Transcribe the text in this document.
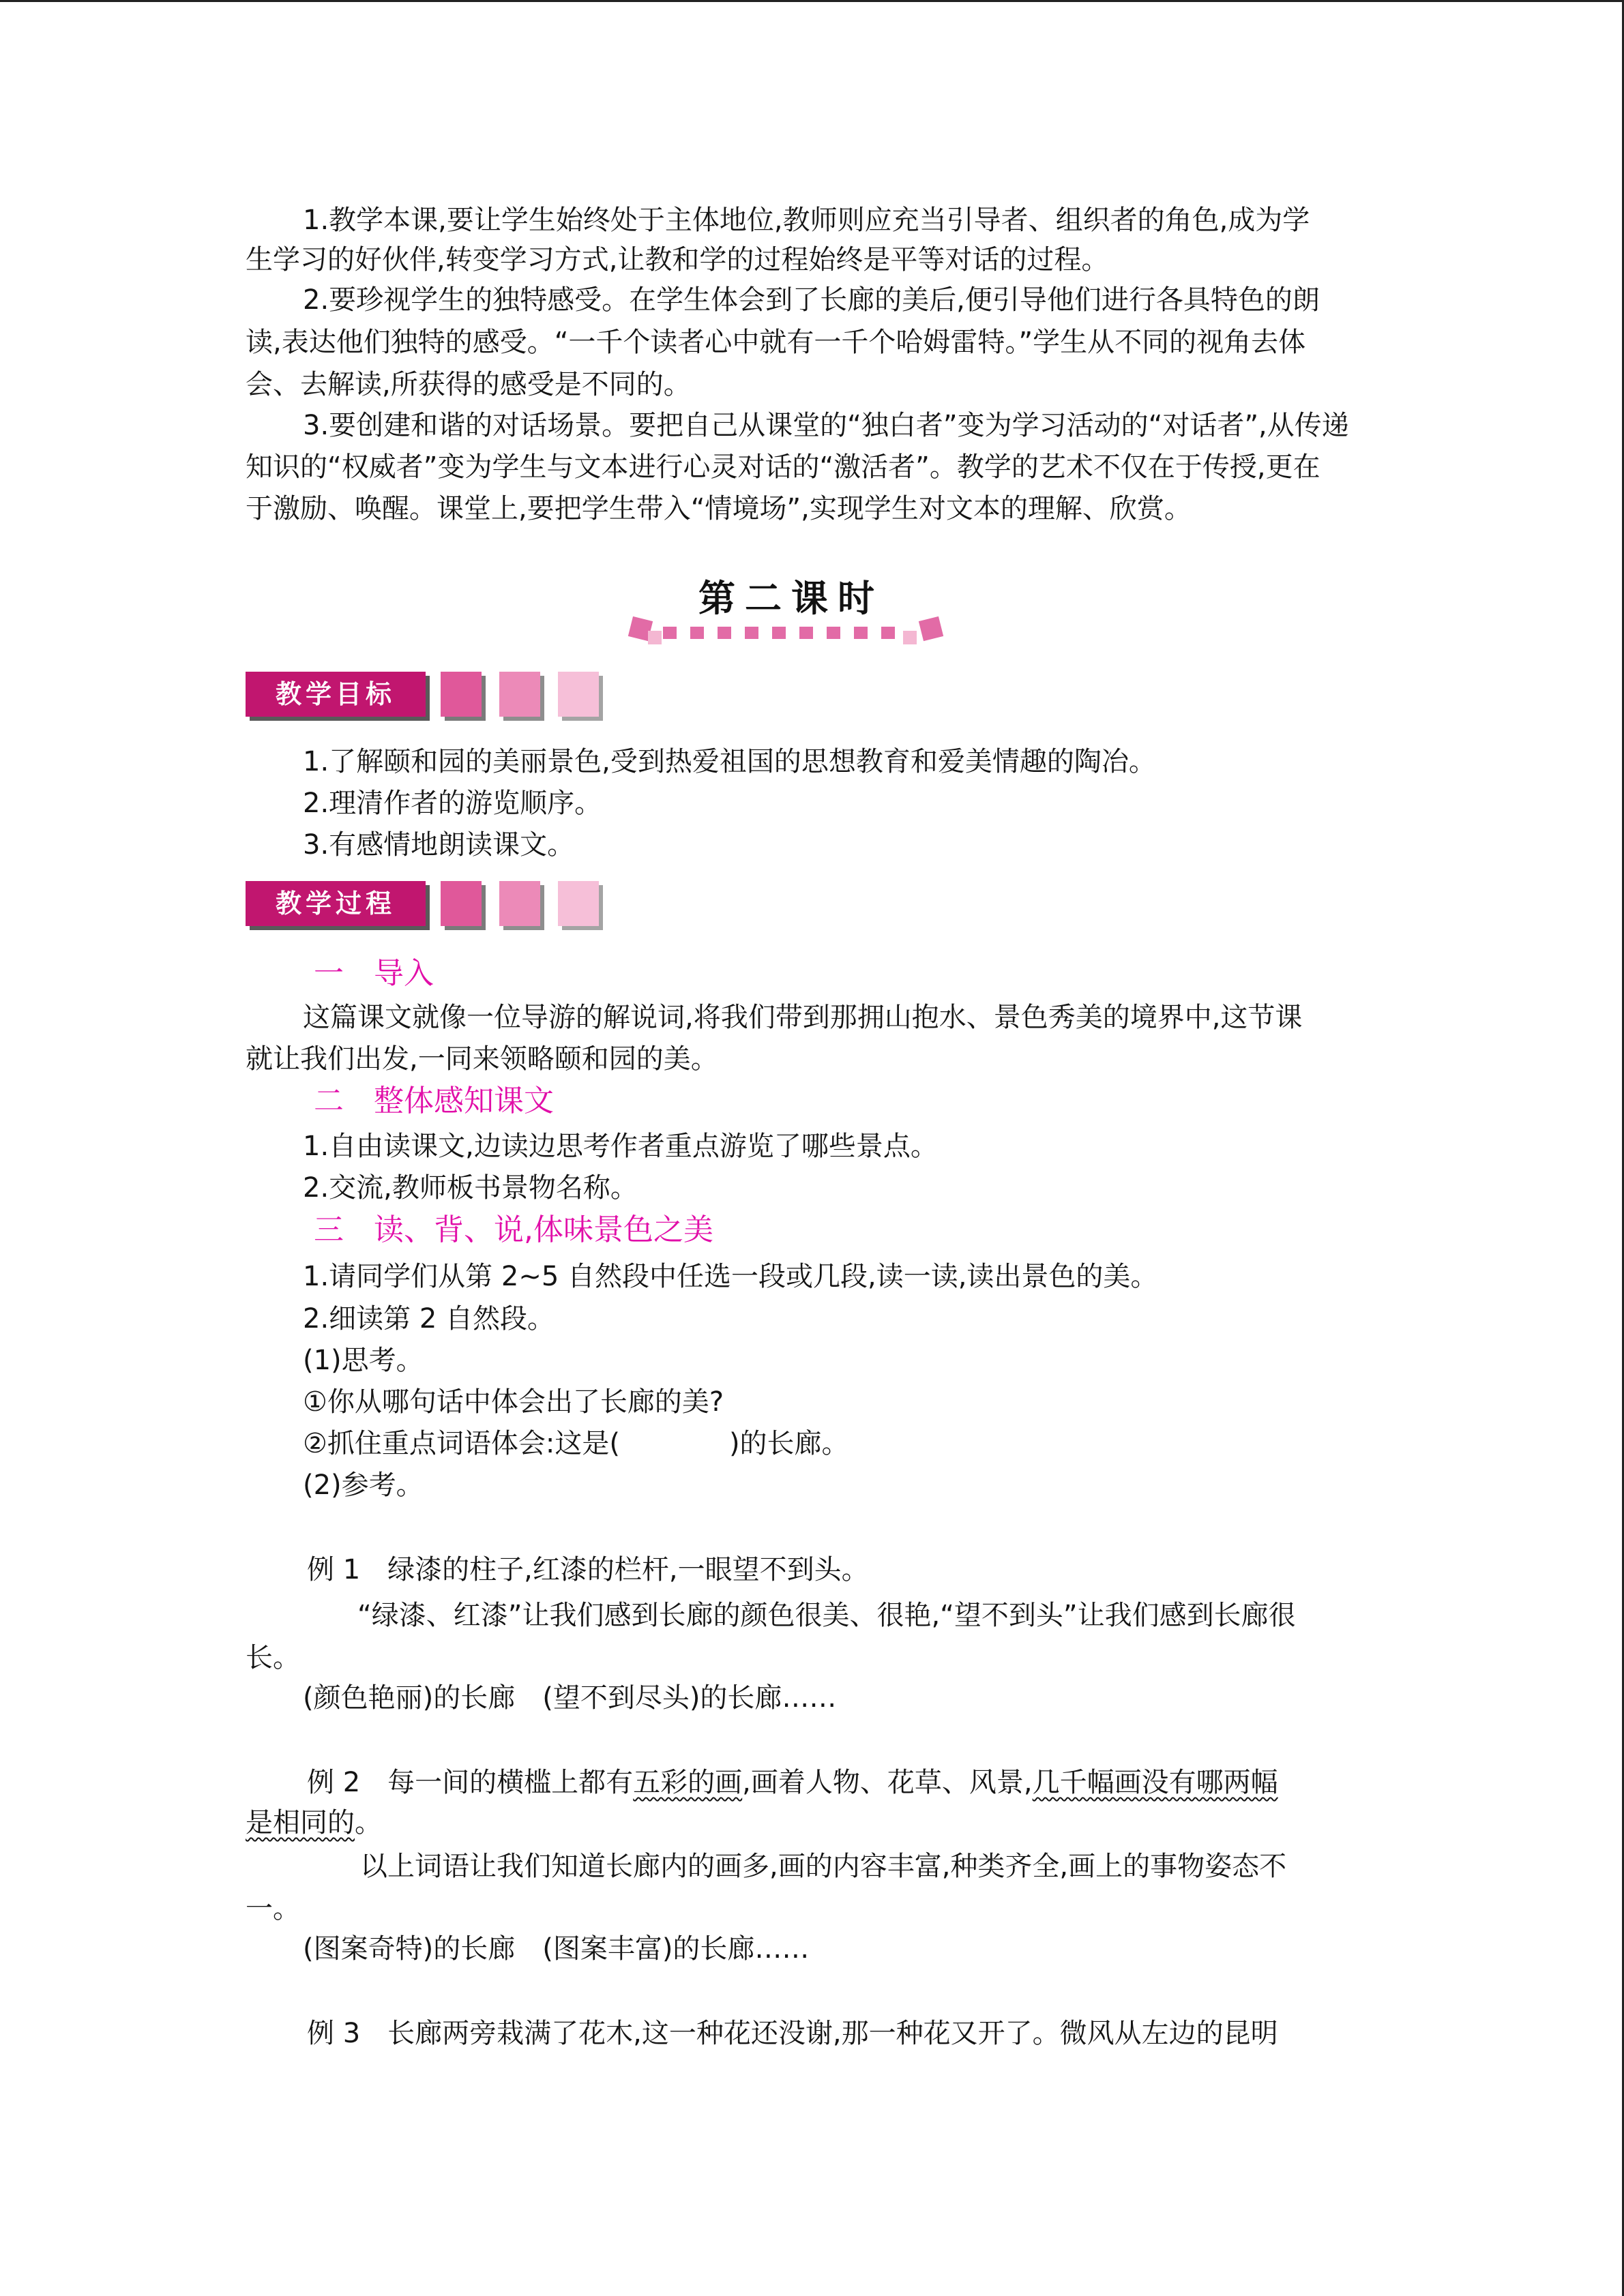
1.教学本课,要让学生始终处于主体地位,教师则应充当引导者、组织者的角色,成为学
生学习的好伙伴,转变学习方式,让教和学的过程始终是平等对话的过程。
2.要珍视学生的独特感受。在学生体会到了长廊的美后,便引导他们进行各具特色的朗
读,表达他们独特的感受。“一千个读者心中就有一千个哈姆雷特。”学生从不同的视角去体
会、去解读,所获得的感受是不同的。
3.要创建和谐的对话场景。要把自己从课堂的“独白者”变为学习活动的“对话者”,从传递
知识的“权威者”变为学生与文本进行心灵对话的“激活者”。教学的艺术不仅在于传授,更在
于激励、唤醒。课堂上,要把学生带入“情境场”,实现学生对文本的理解、欣赏。
第二课时
教学目标
1.了解颐和园的美丽景色,受到热爱祖国的思想教育和爱美情趣的陶冶。
2.理清作者的游览顺序。
3.有感情地朗读课文。
教学过程
一　导入
这篇课文就像一位导游的解说词,将我们带到那拥山抱水、景色秀美的境界中,这节课
就让我们出发,一同来领略颐和园的美。
二　整体感知课文
1.自由读课文,边读边思考作者重点游览了哪些景点。
2.交流,教师板书景物名称。
三　读、背、说,体味景色之美
1.请同学们从第 2~5 自然段中任选一段或几段,读一读,读出景色的美。
2.细读第 2 自然段。
(1)思考。
①你从哪句话中体会出了长廊的美?
②抓住重点词语体会:这是(　　　　)的长廊。
(2)参考。
例 1　绿漆的柱子,红漆的栏杆,一眼望不到头。
“绿漆、红漆”让我们感到长廊的颜色很美、很艳,“望不到头”让我们感到长廊很
长。
(颜色艳丽)的长廊　(望不到尽头)的长廊……
例 2　每一间的横槛上都有五彩的画,画着人物、花草、风景,几千幅画没有哪两幅
是相同的。
以上词语让我们知道长廊内的画多,画的内容丰富,种类齐全,画上的事物姿态不
一。
(图案奇特)的长廊　(图案丰富)的长廊……
例 3　长廊两旁栽满了花木,这一种花还没谢,那一种花又开了。微风从左边的昆明
